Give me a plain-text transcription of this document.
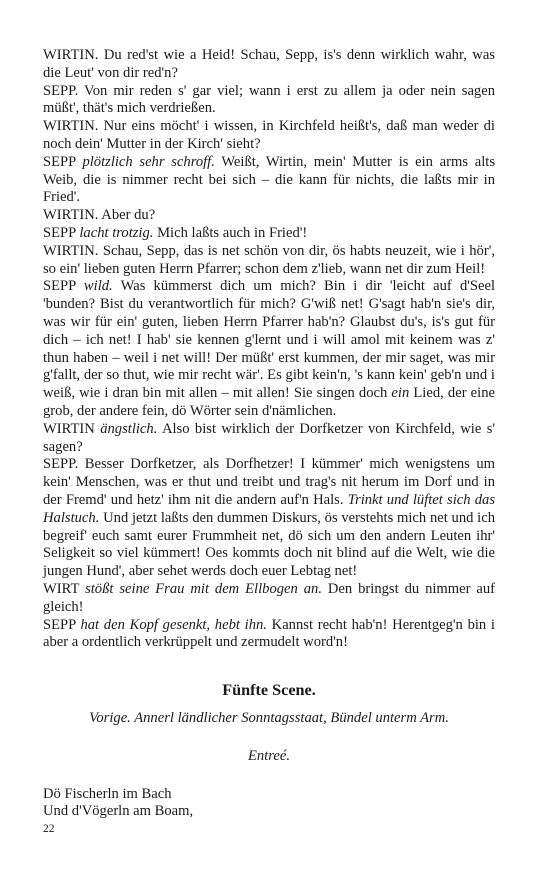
WIRTIN. Du red'st wie a Heid! Schau, Sepp, is's denn wirklich wahr, was die Leut' von dir red'n?

SEPP. Von mir reden s' gar viel; wann i erst zu allem ja oder nein sagen müßt', thät's mich verdrießen.

WIRTIN. Nur eins möcht' i wissen, in Kirchfeld heißt's, daß man weder di noch dein' Mutter in der Kirch' sieht?

SEPP plötzlich sehr schroff. Weißt, Wirtin, mein' Mutter is ein arms alts Weib, die is nimmer recht bei sich – die kann für nichts, die laßts mir in Fried'.

WIRTIN. Aber du?

SEPP lacht trotzig. Mich laßts auch in Fried'!

WIRTIN. Schau, Sepp, das is net schön von dir, ös habts neuzeit, wie i hör', so ein' lieben guten Herrn Pfarrer; schon dem z'lieb, wann net dir zum Heil!

SEPP wild. Was kümmerst dich um mich? Bin i dir 'leicht auf d'Seel 'bunden? Bist du verantwortlich für mich? G'wiß net! G'sagt hab'n sie's dir, was wir für ein' guten, lieben Herrn Pfarrer hab'n? Glaubst du's, is's gut für dich – ich net! I hab' sie kennen g'lernt und i will amol mit keinem was z' thun haben – weil i net will! Der müßt' erst kummen, der mir saget, was mir g'fallt, der so thut, wie mir recht wär'. Es gibt kein'n, 's kann kein' geb'n und i weiß, wie i dran bin mit allen – mit allen! Sie singen doch ein Lied, der eine grob, der andere fein, dö Wörter sein d'nämlichen.

WIRTIN ängstlich. Also bist wirklich der Dorfketzer von Kirchfeld, wie s' sagen?

SEPP. Besser Dorfketzer, als Dorfhetzer! I kümmer' mich wenigstens um kein' Menschen, was er thut und treibt und trag's nit herum im Dorf und in der Fremd' und hetz' ihm nit die andern auf'n Hals. Trinkt und lüftet sich das Halstuch. Und jetzt laßts den dummen Diskurs, ös verstehts mich net und ich begreif' euch samt eurer Frummheit net, dö sich um den andern Leuten ihr' Seligkeit so viel kümmert! Oes kommts doch nit blind auf die Welt, wie die jungen Hund', aber sehet werds doch euer Lebtag net!

WIRT stößt seine Frau mit dem Ellbogen an. Den bringst du nimmer auf gleich!

SEPP hat den Kopf gesenkt, hebt ihn. Kannst recht hab'n! Herentgeg'n bin i aber a ordentlich verkrüppelt und zermudelt word'n!

Fünfte Scene.
Vorige. Annerl ländlicher Sonntagsstaat, Bündel unterm Arm.
Entreé.
Dö Fischerln im Bach
Und d'Vögerln am Boam,
22
